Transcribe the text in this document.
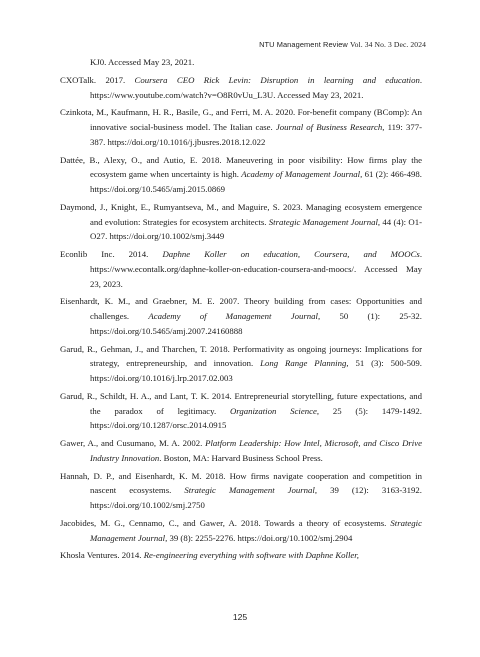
NTU Management Review Vol. 34 No. 3 Dec. 2024

KJ0. Accessed May 23, 2021.

CXOTalk. 2017. Coursera CEO Rick Levin: Disruption in learning and education. https://www.youtube.com/watch?v=O8R0vUu_L3U. Accessed May 23, 2021.

Czinkota, M., Kaufmann, H. R., Basile, G., and Ferri, M. A. 2020. For-benefit company (BComp): An innovative social-business model. The Italian case. Journal of Business Research, 119: 377-387. https://doi.org/10.1016/j.jbusres.2018.12.022

Dattée, B., Alexy, O., and Autio, E. 2018. Maneuvering in poor visibility: How firms play the ecosystem game when uncertainty is high. Academy of Management Journal, 61 (2): 466-498. https://doi.org/10.5465/amj.2015.0869

Daymond, J., Knight, E., Rumyantseva, M., and Maguire, S. 2023. Managing ecosystem emergence and evolution: Strategies for ecosystem architects. Strategic Management Journal, 44 (4): O1-O27. https://doi.org/10.1002/smj.3449

Econlib Inc. 2014. Daphne Koller on education, Coursera, and MOOCs. https://www.econtalk.org/daphne-koller-on-education-coursera-and-moocs/. Accessed May 23, 2023.

Eisenhardt, K. M., and Graebner, M. E. 2007. Theory building from cases: Opportunities and challenges. Academy of Management Journal, 50 (1): 25-32. https://doi.org/10.5465/amj.2007.24160888

Garud, R., Gehman, J., and Tharchen, T. 2018. Performativity as ongoing journeys: Implications for strategy, entrepreneurship, and innovation. Long Range Planning, 51 (3): 500-509. https://doi.org/10.1016/j.lrp.2017.02.003

Garud, R., Schildt, H. A., and Lant, T. K. 2014. Entrepreneurial storytelling, future expectations, and the paradox of legitimacy. Organization Science, 25 (5): 1479-1492. https://doi.org/10.1287/orsc.2014.0915

Gawer, A., and Cusumano, M. A. 2002. Platform Leadership: How Intel, Microsoft, and Cisco Drive Industry Innovation. Boston, MA: Harvard Business School Press.

Hannah, D. P., and Eisenhardt, K. M. 2018. How firms navigate cooperation and competition in nascent ecosystems. Strategic Management Journal, 39 (12): 3163-3192. https://doi.org/10.1002/smj.2750

Jacobides, M. G., Cennamo, C., and Gawer, A. 2018. Towards a theory of ecosystems. Strategic Management Journal, 39 (8): 2255-2276. https://doi.org/10.1002/smj.2904

Khosla Ventures. 2014. Re-engineering everything with software with Daphne Koller,

125
